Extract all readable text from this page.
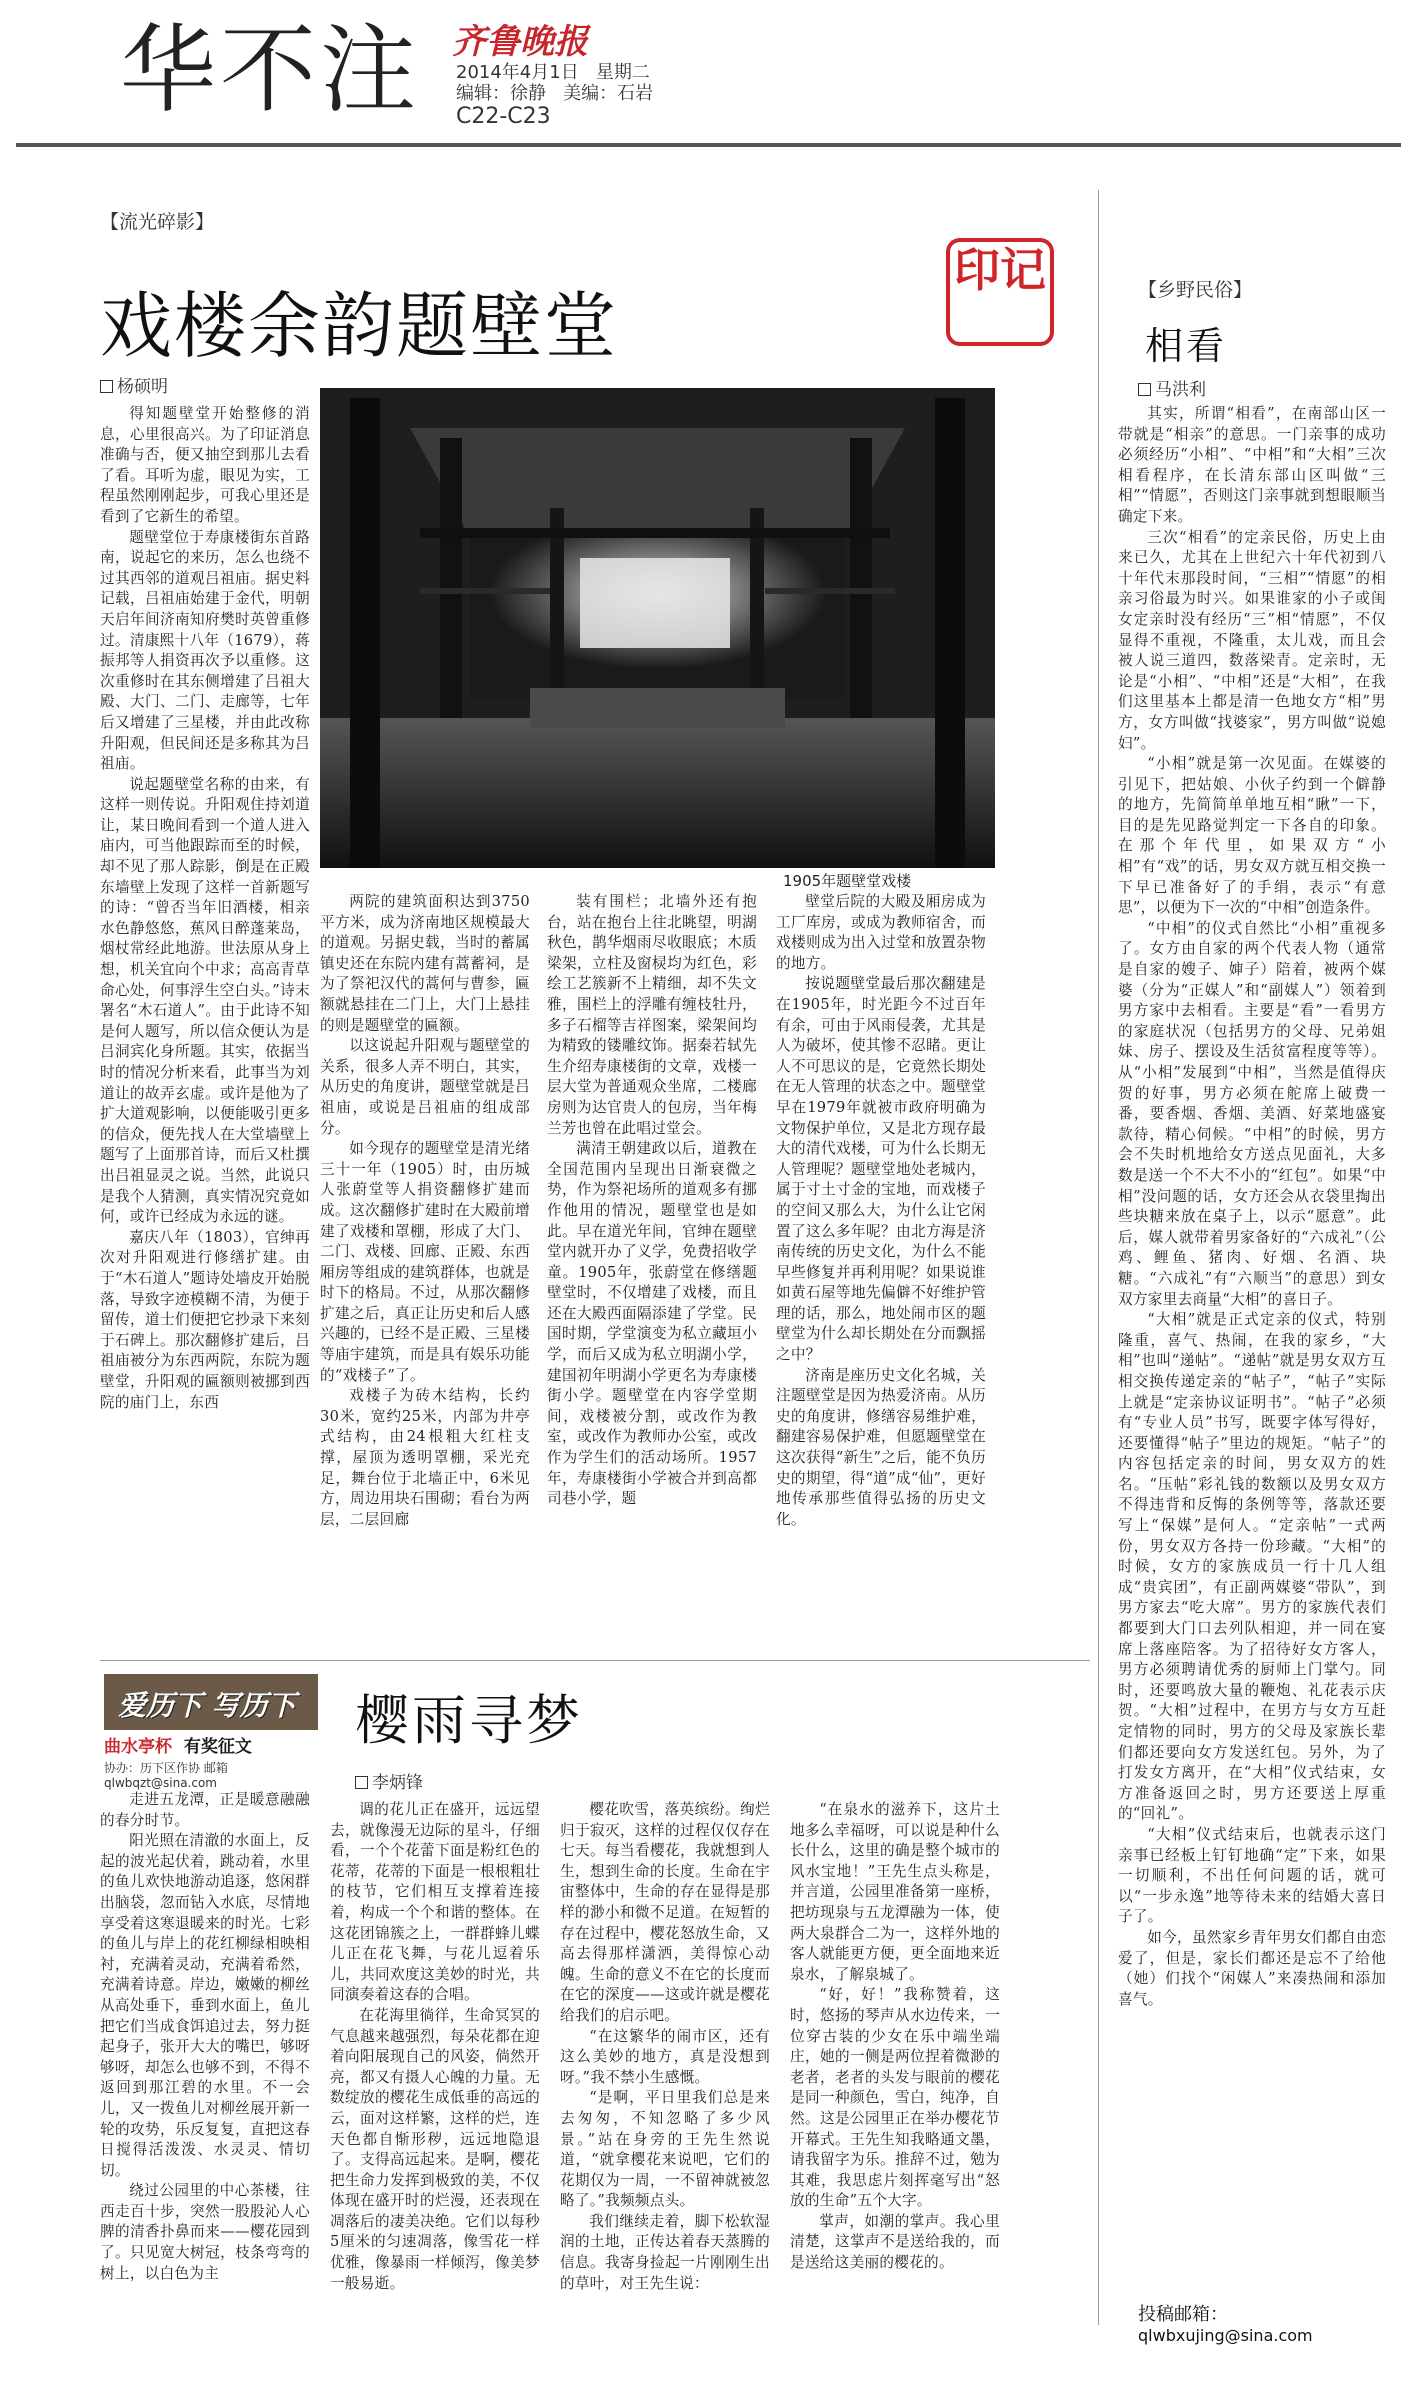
华不注 齐鲁晚报
2014年4月1日 星期二
编辑：徐静 美编：石岩
C22-C23
【流光碎影】
戏楼余韵题壁堂
杨硕明
印记

得知题壁堂开始整修的消息，心里很高兴。为了印证消息准确与否，便又抽空到那儿去看了看。耳听为虚，眼见为实，工程虽然刚刚起步，可我心里还是看到了它新生的希望。

题壁堂位于寿康楼街东首路南，说起它的来历，怎么也绕不过其西邻的道观吕祖庙。据史料记载，吕祖庙始建于金代，明朝天启年间济南知府樊时英曾重修过。清康熙十八年（1679），蒋振邦等人捐资再次予以重修。这次重修时在其东侧增建了吕祖大殿、大门、二门、走廊等，七年后又增建了三星楼，并由此改称升阳观，但民间还是多称其为吕祖庙。

说起题壁堂名称的由来，有这样一则传说。升阳观住持刘道让，某日晚间看到一个道人进入庙内，可当他跟踪而至的时候，却不见了那人踪影，倒是在正殿东墙壁上发现了这样一首新题写的诗：“曾否当年旧酒楼，相亲水色静悠悠，蕉风日醉蓬莱岛，烟杖常经此地游。世法原从身上想，机关宜向个中求；高高青草命心处，何事浮生空白头。”诗末署名“木石道人”。由于此诗不知是何人题写，所以信众便认为是吕洞宾化身所题。其实，依据当时的情况分析来看，此事当为刘道让的故弄玄虚。或许是他为了扩大道观影响，以便能吸引更多的信众，便先找人在大堂墙壁上题写了上面那首诗，而后又杜撰出吕祖显灵之说。当然，此说只是我个人猜测，真实情况究竟如何，或许已经成为永远的谜。

嘉庆八年（1803），官绅再次对升阳观进行修缮扩建。由于“木石道人”题诗处墙皮开始脱落，导致字迹模糊不清，为便于留传，道士们便把它抄录下来刻于石碑上。那次翻修扩建后，吕祖庙被分为东西两院，东院为题壁堂，升阳观的匾额则被挪到西院的庙门上，东西

1905年题壁堂戏楼

两院的建筑面积达到3750平方米，成为济南地区规模最大的道观。另据史载，当时的蓄属镇史还在东院内建有蒿蓄祠，是为了祭祀汉代的蒿何与曹参，匾额就悬挂在二门上，大门上悬挂的则是题壁堂的匾额。

以这说起升阳观与题壁堂的关系，很多人弄不明白，其实，从历史的角度讲，题壁堂就是吕祖庙，或说是吕祖庙的组成部分。

如今现存的题壁堂是清光绪三十一年（1905）时，由历城人张蔚堂等人捐资翻修扩建而成。这次翻修扩建时在大殿前增建了戏楼和罩棚，形成了大门、二门、戏楼、回廊、正殿、东西厢房等组成的建筑群体，也就是时下的格局。不过，从那次翻修扩建之后，真正让历史和后人感兴趣的，已经不是正殿、三星楼等庙宇建筑，而是具有娱乐功能的“戏楼子”了。

戏楼子为砖木结构，长约30米，宽约25米，内部为井亭式结构，由24根粗大红柱支撑，屋顶为透明罩棚，采光充足，舞台位于北墙正中，6米见方，周边用块石围砌；看台为两层，二层回廊

装有围栏；北墙外还有抱台，站在抱台上往北眺望，明湖秋色，鹊华烟雨尽收眼底；木质梁架，立柱及窗棂均为红色，彩绘工艺簇新不上精细，却不失文雅，围栏上的浮雕有缠枝牡丹，多子石榴等吉祥图案，梁架间均为精致的镂雕纹饰。据秦若轼先生介绍寿康楼街的文章，戏楼一层大堂为普通观众坐席，二楼廊房则为达官贵人的包房，当年梅兰芳也曾在此唱过堂会。

满清王朝建政以后，道教在全国范围内呈现出日渐衰微之势，作为祭祀场所的道观多有挪作他用的情况，题壁堂也是如此。早在道光年间，官绅在题壁堂内就开办了义学，免费招收学童。1905年，张蔚堂在修缮题壁堂时，不仅增建了戏楼，而且还在大殿西面隔添建了学堂。民国时期，学堂演变为私立藏垣小学，而后又成为私立明湖小学，建国初年明湖小学更名为寿康楼街小学。题壁堂在内容学堂期间，戏楼被分割，或改作为教室，或改作为教师办公室，或改作为学生们的活动场所。1957年，寿康楼街小学被合并到高都司巷小学，题

壁堂后院的大殿及厢房成为工厂库房，或成为教师宿舍，而戏楼则成为出入过堂和放置杂物的地方。

按说题壁堂最后那次翻建是在1905年，时光距今不过百年有余，可由于风雨侵袭，尤其是人为破坏，使其惨不忍睹。更让人不可思议的是，它竟然长期处在无人管理的状态之中。题壁堂早在1979年就被市政府明确为文物保护单位，又是北方现存最大的清代戏楼，可为什么长期无人管理呢？题壁堂地处老城内，属于寸土寸金的宝地，而戏楼子的空间又那么大，为什么让它闲置了这么多年呢？由北方海是济南传统的历史文化，为什么不能早些修复并再利用呢？如果说谁如黄石屋等地先偏僻不好维护管理的话，那么，地处闹市区的题壁堂为什么却长期处在分而飘摇之中？

济南是座历史文化名城，关注题壁堂是因为热爱济南。从历史的角度讲，修缮容易维护难，翻建容易保护难，但愿题壁堂在这次获得“新生”之后，能不负历史的期望，得“道”成“仙”，更好地传承那些值得弘扬的历史文化。

【乡野民俗】
相看
马洪利

其实，所谓“相看”，在南部山区一带就是“相亲”的意思。一门亲事的成功必须经历“小相”、“中相”和“大相”三次相看程序，在长清东部山区叫做“三相”“情愿”，否则这门亲事就到想眼顺当确定下来。

三次“相看”的定亲民俗，历史上由来已久，尤其在上世纪六十年代初到八十年代末那段时间，“三相”“情愿”的相亲习俗最为时兴。如果谁家的小子或闺女定亲时没有经历“三”相“情愿”，不仅显得不重视，不隆重，太儿戏，而且会被人说三道四，数落梁青。定亲时，无论是“小相”、“中相”还是“大相”，在我们这里基本上都是清一色地女方“相”男方，女方叫做“找婆家”，男方叫做“说媳妇”。

“小相”就是第一次见面。在媒婆的引见下，把姑娘、小伙子约到一个僻静的地方，先简简单单地互相“瞅”一下，目的是先见路觉判定一下各自的印象。在那个年代里，如果双方“小相”有“戏”的话，男女双方就互相交换一下早已准备好了的手绢，表示“有意思”，以便为下一次的“中相”创造条件。

“中相”的仪式自然比“小相”重视多了。女方由自家的两个代表人物（通常是自家的嫂子、婶子）陪着，被两个媒婆（分为“正媒人”和“副媒人”）领着到男方家中去相看。主要是“看”一看男方的家庭状况（包括男方的父母、兄弟姐妹、房子、摆设及生活贫富程度等等）。从“小相”发展到“中相”，当然是值得庆贺的好事，男方必须在舵席上破费一番，要香烟、香烟、美酒、好菜地盛宴款待，精心伺候。“中相”的时候，男方会不失时机地给女方送点见面礼，大多数是送一个不大不小的“红包”。如果“中相”没问题的话，女方还会从衣袋里掏出些块糖来放在桌子上，以示“愿意”。此后，媒人就带着男家备好的“六成礼”（公鸡、鲤鱼、猪肉、好烟、名酒、块糖。“六成礼”有“六顺当”的意思）到女双方家里去商量“大相”的喜日子。

“大相”就是正式定亲的仪式，特别隆重，喜气、热闹，在我的家乡，“大相”也叫“递帖”。“递帖”就是男女双方互相交换传递定亲的“帖子”，“帖子”实际上就是“定亲协议证明书”。“帖子”必须有“专业人员”书写，既要字体写得好，还要懂得“帖子”里边的规矩。“帖子”的内容包括定亲的时间，男女双方的姓名。“压帖”彩礼钱的数额以及男女双方不得违背和反悔的条例等等，落款还要写上“保媒”是何人。“定亲帖”一式两份，男女双方各持一份珍藏。“大相”的时候，女方的家族成员一行十几人组成“贵宾团”，有正副两媒婆“带队”，到男方家去“吃大席”。男方的家族代表们都要到大门口去列队相迎，并一同在宴席上落座陪客。为了招待好女方客人，男方必须聘请优秀的厨师上门掌勺。同时，还要鸣放大量的鞭炮、礼花表示庆贺。“大相”过程中，在男方与女方互赶定情物的同时，男方的父母及家族长辈们都还要向女方发送红包。另外，为了打发女方离开，在“大相”仪式结束，女方准备返回之时，男方还要送上厚重的“回礼”。

“大相”仪式结束后，也就表示这门亲事已经板上钉钉地确“定”下来，如果一切顺利，不出任何问题的话，就可以“一步永逸”地等待未来的结婚大喜日子了。

如今，虽然家乡青年男女们都自由恋爱了，但是，家长们都还是忘不了给他（她）们找个“闲媒人”来凑热闹和添加喜气。

投稿邮箱：
qlwbxujing@sina.com
爱历下 写历下
曲水亭杯 有奖征文
协办：历下区作协 邮箱 qlwbqzt@sina.com
樱雨寻梦
李炳锋

走进五龙潭，正是暖意融融的春分时节。

阳光照在清澈的水面上，反起的波光起伏着，跳动着，水里的鱼儿欢快地游动追逐，悠闲群出脑袋，忽而钻入水底，尽情地享受着这寒退暖来的时光。七彩的鱼儿与岸上的花红柳绿相映相衬，充满着灵动，充满着希然，充满着诗意。岸边，嫩嫩的柳丝从高处垂下，垂到水面上，鱼儿把它们当成食饵追过去，努力挺起身子，张开大大的嘴巴，够呀够呀，却怎么也够不到，不得不返回到那江碧的水里。不一会儿，又一拨鱼儿对柳丝展开新一轮的攻势，乐反复复，直把这春日搅得活泼泼、水灵灵、情切切。

绕过公园里的中心茶楼，往西走百十步，突然一股股沁人心脾的清香扑鼻而来——樱花园到了。只见宽大树冠，枝条弯弯的树上，以白色为主

调的花儿正在盛开，远远望去，就像漫无边际的星斗，仔细看，一个个花蕾下面是粉红色的花蒂，花蒂的下面是一根根粗壮的枝节，它们相互支撑着连接着，构成一个个和谐的整体。在这花团锦簇之上，一群群蜂儿蝶儿正在花飞舞，与花儿逗着乐儿，共同欢度这美妙的时光，共同演奏着这春的合唱。

在花海里徜徉，生命冥冥的气息越来越强烈，每朵花都在迎着向阳展现自己的风姿，倘然开亮，都又有摄人心魄的力量。无数绽放的樱花生成低垂的高远的云，面对这样繁，这样的烂，连天色都自惭形秽，远远地隐退了。支得高远起来。是啊，樱花把生命力发挥到极致的美，不仅体现在盛开时的烂漫，还表现在凋落后的凄美决绝。它们以每秒5厘米的匀速凋落，像雪花一样优雅，像暴雨一样倾泻，像美梦一般易逝。

樱花吹雪，落英缤纷。绚烂归于寂灭，这样的过程仅仅存在七天。每当看樱花，我就想到人生，想到生命的长度。生命在宇宙整体中，生命的存在显得是那样的渺小和微不足道。在短暂的存在过程中，樱花怒放生命，又高去得那样潇洒，美得惊心动魄。生命的意义不在它的长度而在它的深度——这或许就是樱花给我们的启示吧。

“在这繁华的闹市区，还有这么美妙的地方，真是没想到呀。”我不禁小生感慨。

“是啊，平日里我们总是来去匆匆，不知忽略了多少风景。”站在身旁的王先生然说道，“就拿樱花来说吧，它们的花期仅为一周，一不留神就被忽略了。”我频频点头。

我们继续走着，脚下松软湿润的土地，正传达着春天蒸腾的信息。我寄身捡起一片刚刚生出的草叶，对王先生说：

“在泉水的滋养下，这片土地多么幸福呀，可以说是种什么长什么，这里的确是整个城市的风水宝地！”王先生点头称是，并言道，公园里准备第一座桥，把坊现泉与五龙潭融为一体，使两大泉群合二为一，这样外地的客人就能更方便，更全面地来近泉水，了解泉城了。

“好，好！”我称赞着，这时，悠扬的琴声从水边传来，一位穿古装的少女在乐中端坐端庄，她的一侧是两位捏着微渺的老者，老者的头发与眼前的樱花是同一种颜色，雪白，纯净，自然。这是公园里正在举办樱花节开幕式。王先生知我略通文墨，请我留字为乐。推辞不过，勉为其难，我思虑片刻挥毫写出“怒放的生命”五个大字。

掌声，如潮的掌声。我心里清楚，这掌声不是送给我的，而是送给这美丽的樱花的。
